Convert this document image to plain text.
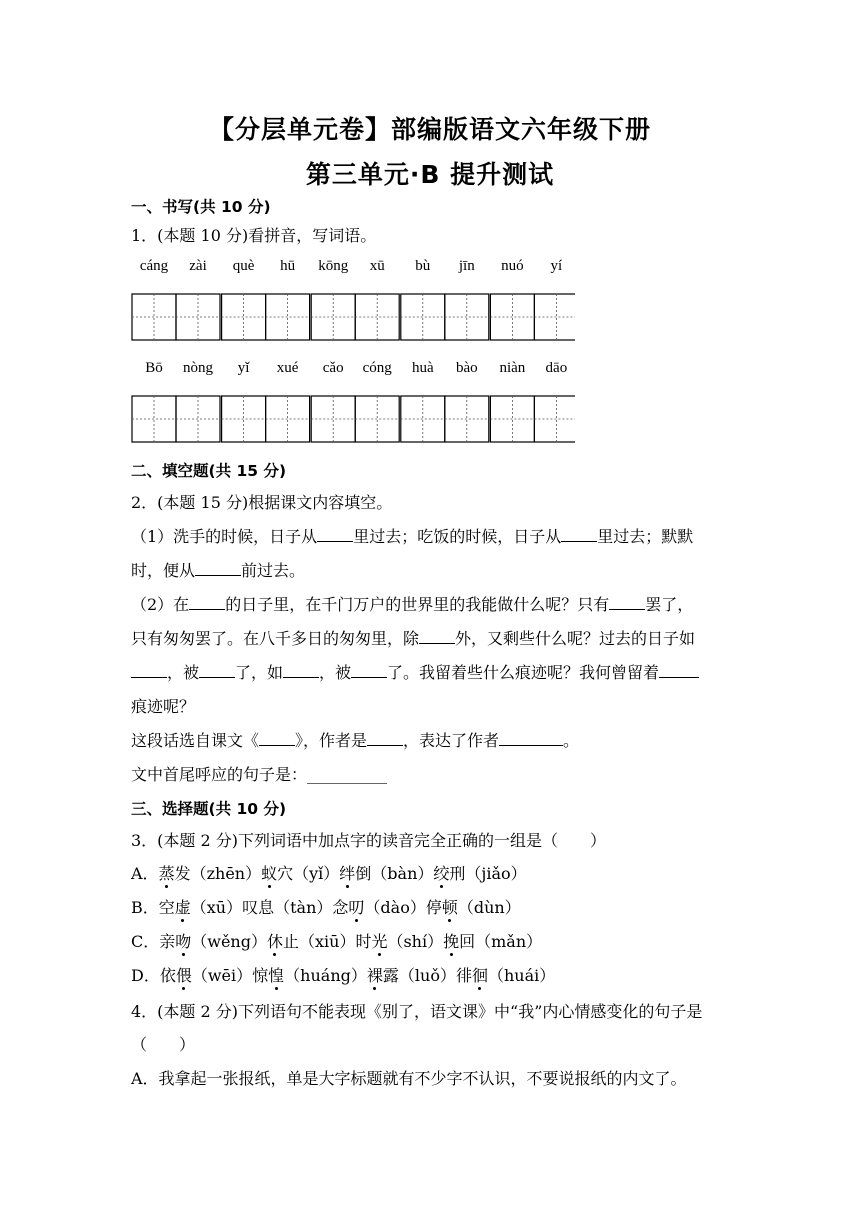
【分层单元卷】部编版语文六年级下册
第三单元·B 提升测试
一、书写(共 10 分)
1．(本题 10 分)看拼音，写词语。
cáng zài què hū kōng xū bù jīn nuó yí
Bō nòng yǐ xué cǎo cóng huà bào niàn dāo
二、填空题(共 15 分)
2．(本题 15 分)根据课文内容填空。
（1）洗手的时候，日子从 里过去；吃饭的时候，日子从 里过去；默默
时，便从	前过去。
（2）在 的日子里，在千门万户的世界里的我能做什么呢？只有 罢了，
只有匆匆罢了。在八千多日的匆匆里，除 外，又剩些什么呢？过去的日子如
，被 了，如 ，被 了。我留着些什么痕迹呢？我何曾留着
痕迹呢？
这段话选自课文《 》，作者是 ，表达了作者	。
文中首尾呼应的句子是：__________
三、选择题(共 10 分)
3．(本题 2 分)下列词语中加点字的读音完全正确的一组是（　　）
A．蒸发（zhēn）蚁穴（yǐ）绊倒（bàn）绞刑（jiǎo）
B．空虚（xū）叹息（tàn）念叨（dào）停顿（dùn）
C．亲吻（wěng）休止（xiū）时光（shí）挽回（mǎn）
D．依偎（wēi）惊惶（huáng）裸露（luǒ）徘徊（huái）
4．(本题 2 分)下列语句不能表现《别了，语文课》中“我”内心情感变化的句子是
（　　）
A．我拿起一张报纸，单是大字标题就有不少字不认识，不要说报纸的内文了。
